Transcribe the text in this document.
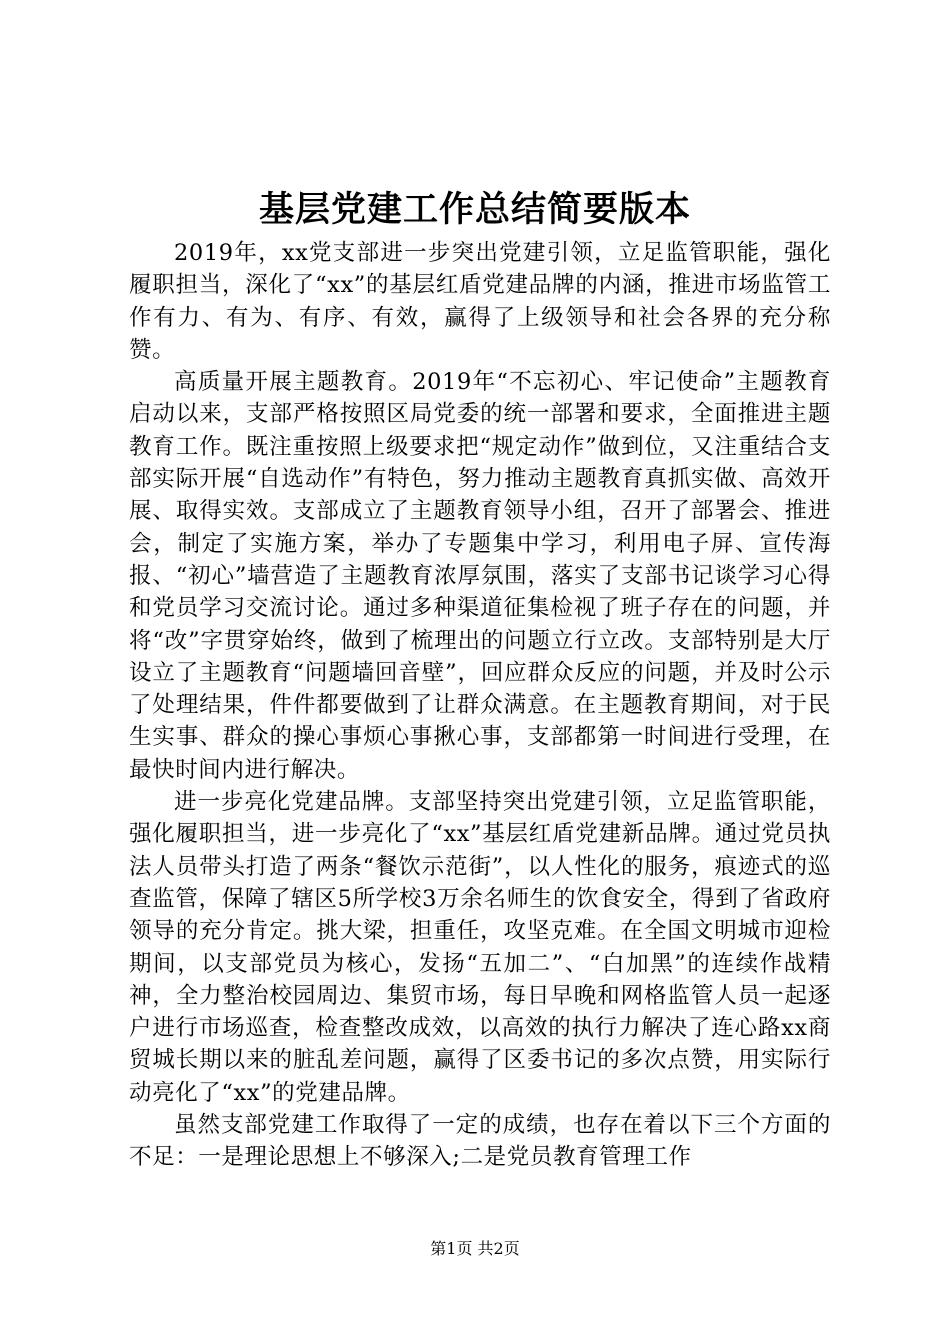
基层党建工作总结简要版本

2019年，xx党支部进一步突出党建引领，立足监管职能，强化履职担当，深化了“xx”的基层红盾党建品牌的内涵，推进市场监管工作有力、有为、有序、有效，赢得了上级领导和社会各界的充分称赞。

高质量开展主题教育。2019年“不忘初心、牢记使命”主题教育启动以来，支部严格按照区局党委的统一部署和要求，全面推进主题教育工作。既注重按照上级要求把“规定动作”做到位，又注重结合支部实际开展“自选动作”有特色，努力推动主题教育真抓实做、高效开展、取得实效。支部成立了主题教育领导小组，召开了部署会、推进会，制定了实施方案，举办了专题集中学习，利用电子屏、宣传海报、“初心”墙营造了主题教育浓厚氛围，落实了支部书记谈学习心得和党员学习交流讨论。通过多种渠道征集检视了班子存在的问题，并将“改”字贯穿始终，做到了梳理出的问题立行立改。支部特别是大厅设立了主题教育“问题墙回音壁”，回应群众反应的问题，并及时公示了处理结果，件件都要做到了让群众满意。在主题教育期间，对于民生实事、群众的操心事烦心事揪心事，支部都第一时间进行受理，在最快时间内进行解决。

进一步亮化党建品牌。支部坚持突出党建引领，立足监管职能，强化履职担当，进一步亮化了“xx”基层红盾党建新品牌。通过党员执法人员带头打造了两条“餐饮示范街”，以人性化的服务，痕迹式的巡查监管，保障了辖区5所学校3万余名师生的饮食安全，得到了省政府领导的充分肯定。挑大梁，担重任，攻坚克难。在全国文明城市迎检期间，以支部党员为核心，发扬“五加二”、“白加黑”的连续作战精神，全力整治校园周边、集贸市场，每日早晚和网格监管人员一起逐户进行市场巡查，检查整改成效，以高效的执行力解决了连心路xx商贸城长期以来的脏乱差问题，赢得了区委书记的多次点赞，用实际行动亮化了“xx”的党建品牌。

虽然支部党建工作取得了一定的成绩，也存在着以下三个方面的不足：一是理论思想上不够深入;二是党员教育管理工作

第1页 共2页
